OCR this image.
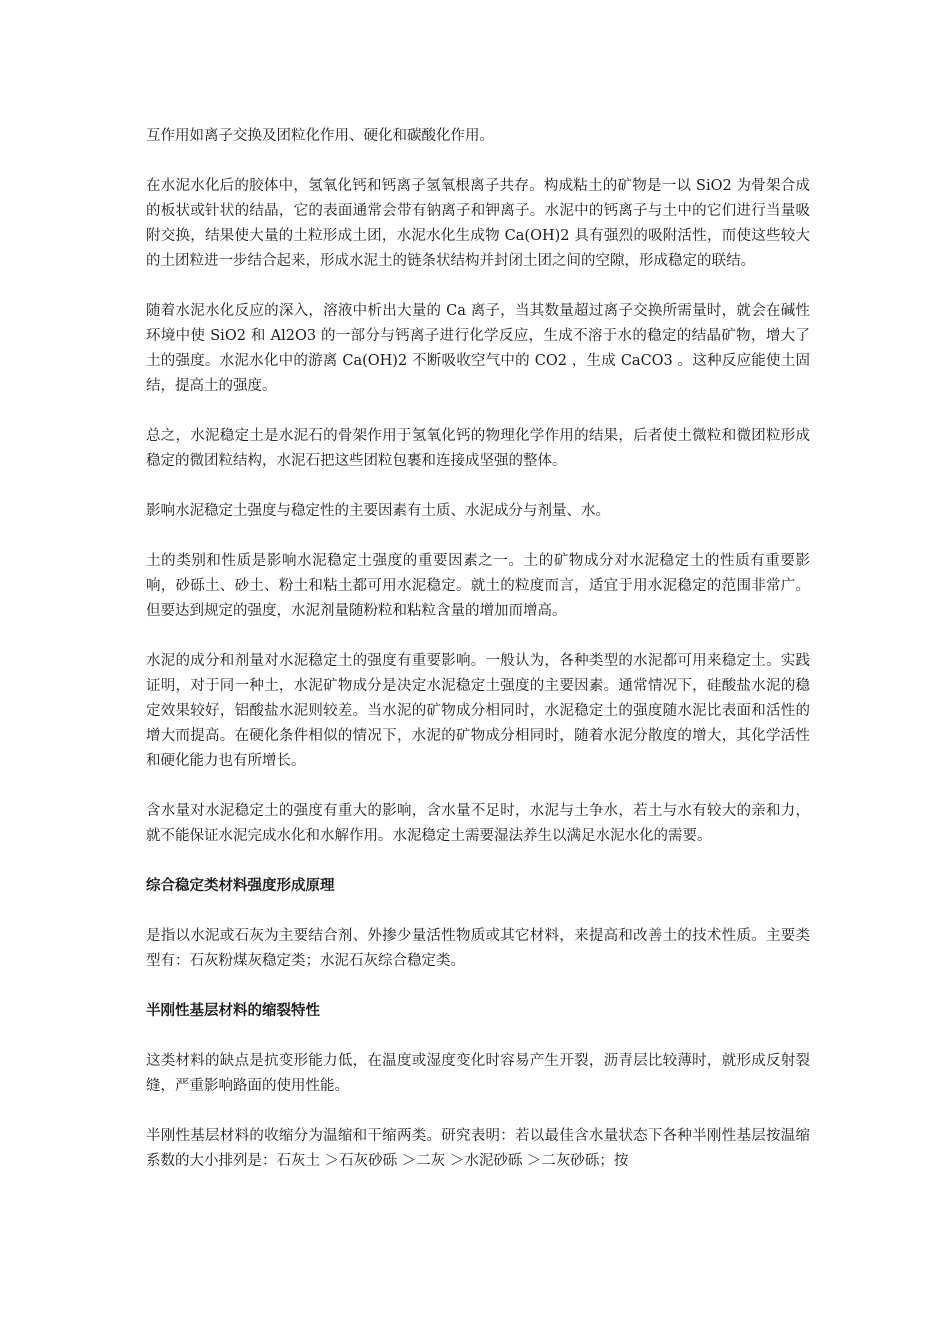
互作用如离子交换及团粒化作用、硬化和碳酸化作用。

在水泥水化后的胶体中，氢氧化钙和钙离子氢氧根离子共存。构成粘土的矿物是一以 SiO2 为骨架合成的板状或针状的结晶，它的表面通常会带有钠离子和钾离子。水泥中的钙离子与土中的它们进行当量吸附交换，结果使大量的土粒形成土团，水泥水化生成物 Ca(OH)2 具有强烈的吸附活性，而使这些较大的土团粒进一步结合起来，形成水泥土的链条状结构并封闭土团之间的空隙，形成稳定的联结。

随着水泥水化反应的深入，溶液中析出大量的 Ca 离子，当其数量超过离子交换所需量时，就会在碱性环境中使 SiO2 和 Al2O3 的一部分与钙离子进行化学反应，生成不溶于水的稳定的结晶矿物，增大了土的强度。水泥水化中的游离 Ca(OH)2 不断吸收空气中的 CO2 ，生成 CaCO3 。这种反应能使土固结，提高土的强度。

总之，水泥稳定土是水泥石的骨架作用于氢氧化钙的物理化学作用的结果，后者使土微粒和微团粒形成稳定的微团粒结构，水泥石把这些团粒包裹和连接成坚强的整体。

影响水泥稳定土强度与稳定性的主要因素有土质、水泥成分与剂量、水。

土的类别和性质是影响水泥稳定土强度的重要因素之一。土的矿物成分对水泥稳定土的性质有重要影响，砂砾土、砂土、粉土和粘土都可用水泥稳定。就土的粒度而言，适宜于用水泥稳定的范围非常广。但要达到规定的强度，水泥剂量随粉粒和粘粒含量的增加而增高。

水泥的成分和剂量对水泥稳定土的强度有重要影响。一般认为，各种类型的水泥都可用来稳定土。实践证明，对于同一种土，水泥矿物成分是决定水泥稳定土强度的主要因素。通常情况下，硅酸盐水泥的稳定效果较好，铝酸盐水泥则较差。当水泥的矿物成分相同时，水泥稳定土的强度随水泥比表面和活性的增大而提高。在硬化条件相似的情况下，水泥的矿物成分相同时，随着水泥分散度的增大，其化学活性和硬化能力也有所增长。

含水量对水泥稳定土的强度有重大的影响，含水量不足时，水泥与土争水，若土与水有较大的亲和力，就不能保证水泥完成水化和水解作用。水泥稳定土需要湿法养生以满足水泥水化的需要。

综合稳定类材料强度形成原理

是指以水泥或石灰为主要结合剂、外掺少量活性物质或其它材料，来提高和改善土的技术性质。主要类型有：石灰粉煤灰稳定类；水泥石灰综合稳定类。

半刚性基层材料的缩裂特性

这类材料的缺点是抗变形能力低，在温度或湿度变化时容易产生开裂，沥青层比较薄时，就形成反射裂缝，严重影响路面的使用性能。

半刚性基层材料的收缩分为温缩和干缩两类。研究表明：若以最佳含水量状态下各种半刚性基层按温缩系数的大小排列是：石灰土 ＞石灰砂砾 ＞二灰 ＞水泥砂砾 ＞二灰砂砾；按
